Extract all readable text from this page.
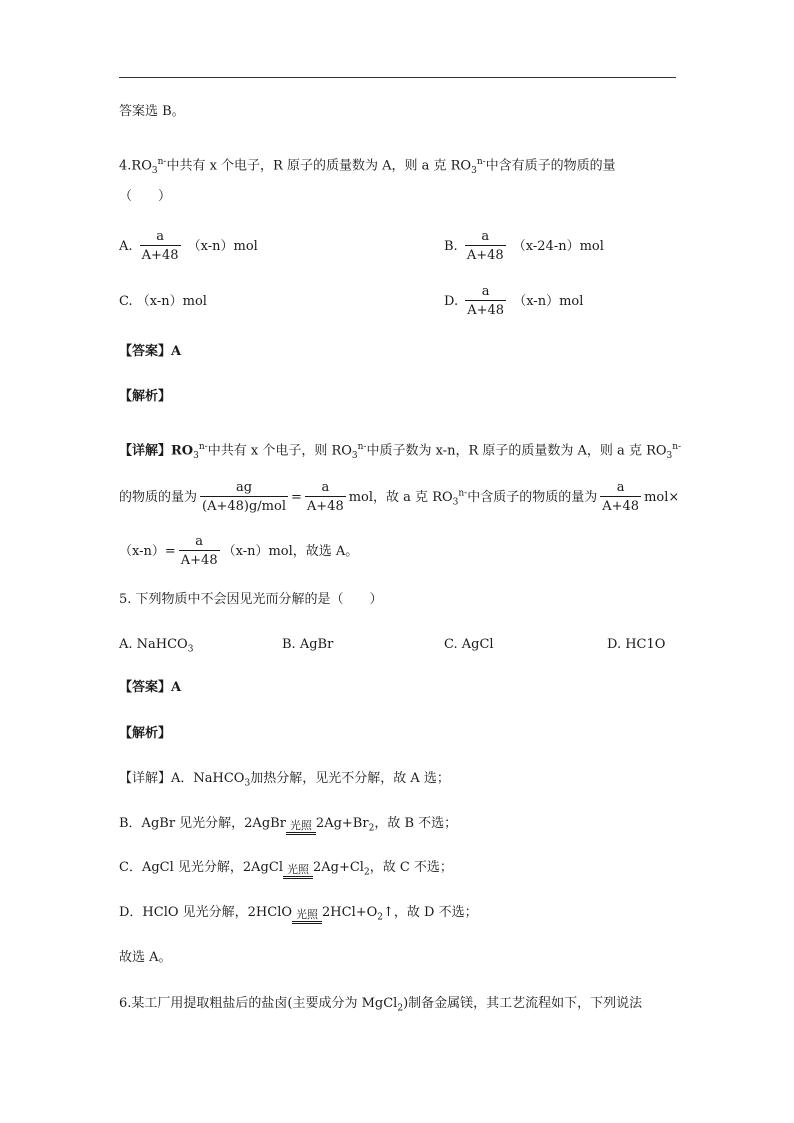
答案选 B。
$4.RO_3^{n-}$中共有 x 个电子，R 原子的质量数为 A，则 a 克 $RO_3^{n-}$中含有质子的物质的量
（　　）
A. $\frac{a}{A+48} (x-n)mol$	B. $\frac{a}{A+48} (x-24-n)mol$
C. （x-n）mol	D. $\frac{a}{A+48} (x-n)mol$
【答案】A
【解析】
【详解】$RO_3^{n-}$中共有 x 个电子，则 $RO_3^{n-}$中质子数为 x-n，R 原子的质量数为 A，则 a 克 $RO_3^{n-}$
的物质的量为 $\frac{ag}{\text{(A+48)g/mol}} = \frac{a}{A+48}$ mol，故 a 克 $RO_3^{n-}$中含质子的物质的量为 $\frac{a}{A+48} mol\times$
$(x-n)= \frac{a}{A+48} (x-n)mol$，故选 A。
5. 下列物质中不会因见光而分解的是（　　）
A. NaHCO$_3$	B. AgBr	C. AgCl	D. HC1O
【答案】A
【解析】
【详解】A．NaHCO$_3$加热分解，见光不分解，故 A 选；
B．AgBr 见光分解，2AgBr 光照 $2Ag+Br_2$，故 B 不选；
C．AgCl 见光分解，2AgCl 光照 $2Ag+Cl_2$，故 C 不选；
D．HClO 见光分解，2HClO 光照 $2HCl+O_2↑$，故 D 不选；
故选 A。
6.某工厂用提取粗盐后的盐卤(主要成分为 MgCl$_2$)制备金属镁，其工艺流程如下，下列说法
